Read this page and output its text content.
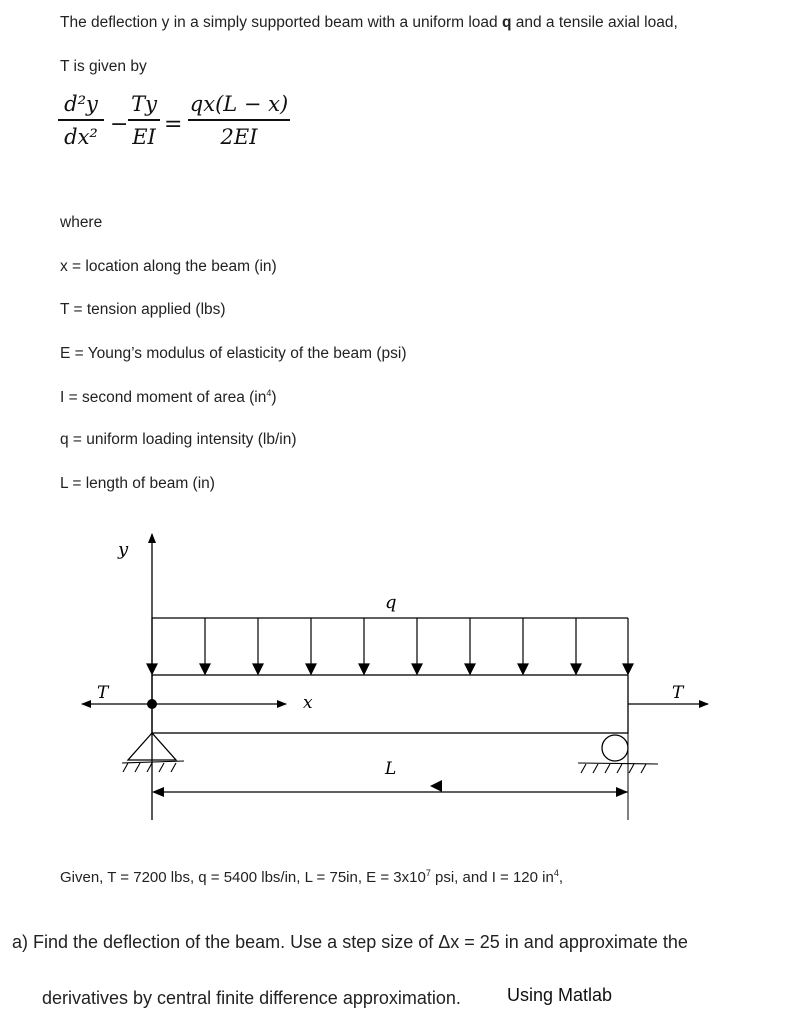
The deflection y in a simply supported beam with a uniform load q and a tensile axial load,
T is given by
d²y
dx² −
Ty
EI =
qx(L − x)
2EI
where
x = location along the beam (in)
T = tension applied (lbs)
E = Young’s modulus of elasticity of the beam (psi)
I = second moment of area $(in^4)$
q = uniform loading intensity (lb/in)
L = length of beam (in)
y
q
T	x	T
L
Given, T = 7200 lbs, q = 5400 lbs/in, L = 75in, $E = 3x10^7$ psi, and I = 120 $in^4$,
a) Find the deflection of the beam. Use a step size of Δx = 25 in and approximate the
derivatives by central finite difference approximation.	Using Matlab
